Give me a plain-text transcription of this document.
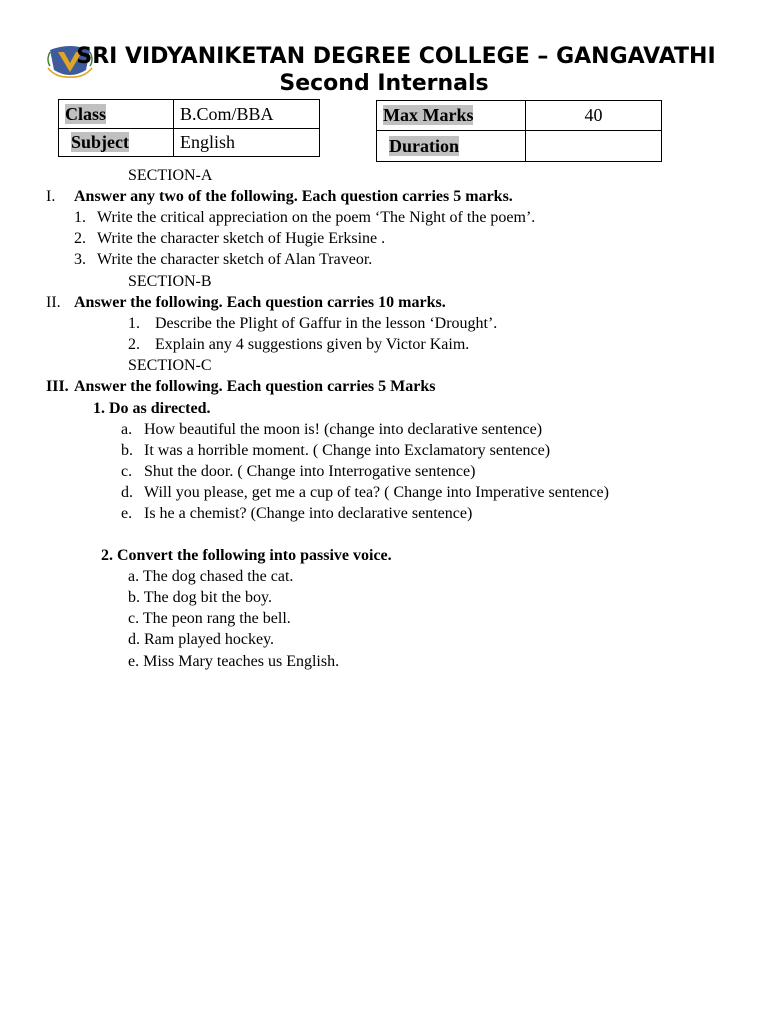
SRI VIDYANIKETAN DEGREE COLLEGE – GANGAVATHI
Second Internals
Class	B.Com/BBA
Subject	English
Max Marks	40
Duration	
SECTION-A
I. Answer any two of the following. Each question carries 5 marks.
1. Write the critical appreciation on the poem ‘The Night of the poem’.
2. Write the character sketch of Hugie Erksine .
3. Write the character sketch of Alan Traveor.
SECTION-B
II. Answer the following. Each question carries 10 marks.
1. Describe the Plight of Gaffur in the lesson ‘Drought’.
2. Explain any 4 suggestions given by Victor Kaim.
SECTION-C
III. Answer the following. Each question carries 5 Marks
1. Do as directed.
a. How beautiful the moon is! (change into declarative sentence)
b. It was a horrible moment. ( Change into Exclamatory sentence)
c. Shut the door. ( Change into Interrogative sentence)
d. Will you please, get me a cup of tea? ( Change into Imperative sentence)
e. Is he a chemist? (Change into declarative sentence)
2. Convert the following into passive voice.
a. The dog chased the cat.
b. The dog bit the boy.
c. The peon rang the bell.
d. Ram played hockey.
e. Miss Mary teaches us English.
